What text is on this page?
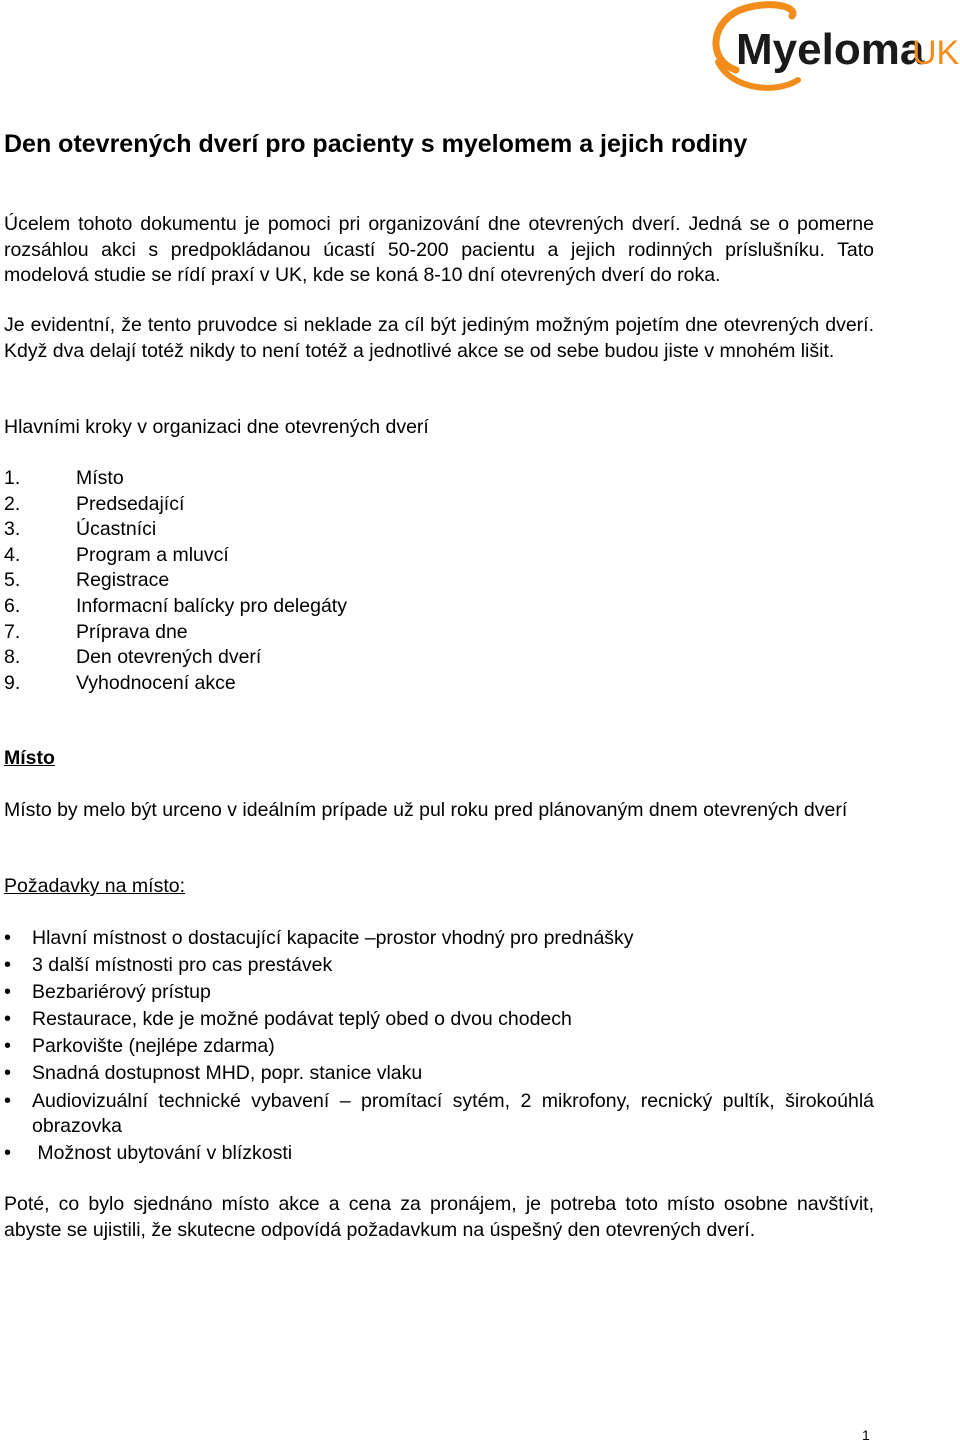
Myeloma
UK
Den otevrených dverí pro pacienty s myelomem a jejich rodiny

Úcelem tohoto dokumentu je pomoci pri organizování dne otevrených dverí. Jedná se o pomerne rozsáhlou akci s predpokládanou úcastí 50-200 pacientu a jejich rodinných príslušníku. Tato modelová studie se rídí praxí v UK, kde se koná 8-10 dní otevrených dverí do roka.

Je evidentní, že tento pruvodce si neklade za cíl být jediným možným pojetím dne otevrených dverí. Když dva delají totéž nikdy to není totéž a jednotlivé akce se od sebe budou jiste v mnohém lišit.

Hlavními kroky v organizaci dne otevrených dverí

1.	Místo
2.	Predsedající
3.	Úcastníci
4.	Program a mluvcí
5.	Registrace
6.	Informacní balícky pro delegáty
7.	Príprava dne
8.	Den otevrených dverí
9.	Vyhodnocení akce
Místo

Místo by melo být urceno v ideálním prípade už pul roku pred plánovaným dnem otevrených dverí

Požadavky na místo:

•	Hlavní místnost o dostacující kapacite –prostor vhodný pro prednášky
•	3 další místnosti pro cas prestávek
•	Bezbariérový prístup
•	Restaurace, kde je možné podávat teplý obed o dvou chodech
•	Parkovište (nejlépe zdarma)
•	Snadná dostupnost MHD, popr. stanice vlaku
•	Audiovizuální technické vybavení – promítací sytém, 2 mikrofony, recnický pultík, širokoúhlá obrazovka
•	Možnost ubytování v blízkosti

Poté, co bylo sjednáno místo akce a cena za pronájem, je potreba toto místo osobne navštívit, abyste se ujistili, že skutecne odpovídá požadavkum na úspešný den otevrených dverí.

1
